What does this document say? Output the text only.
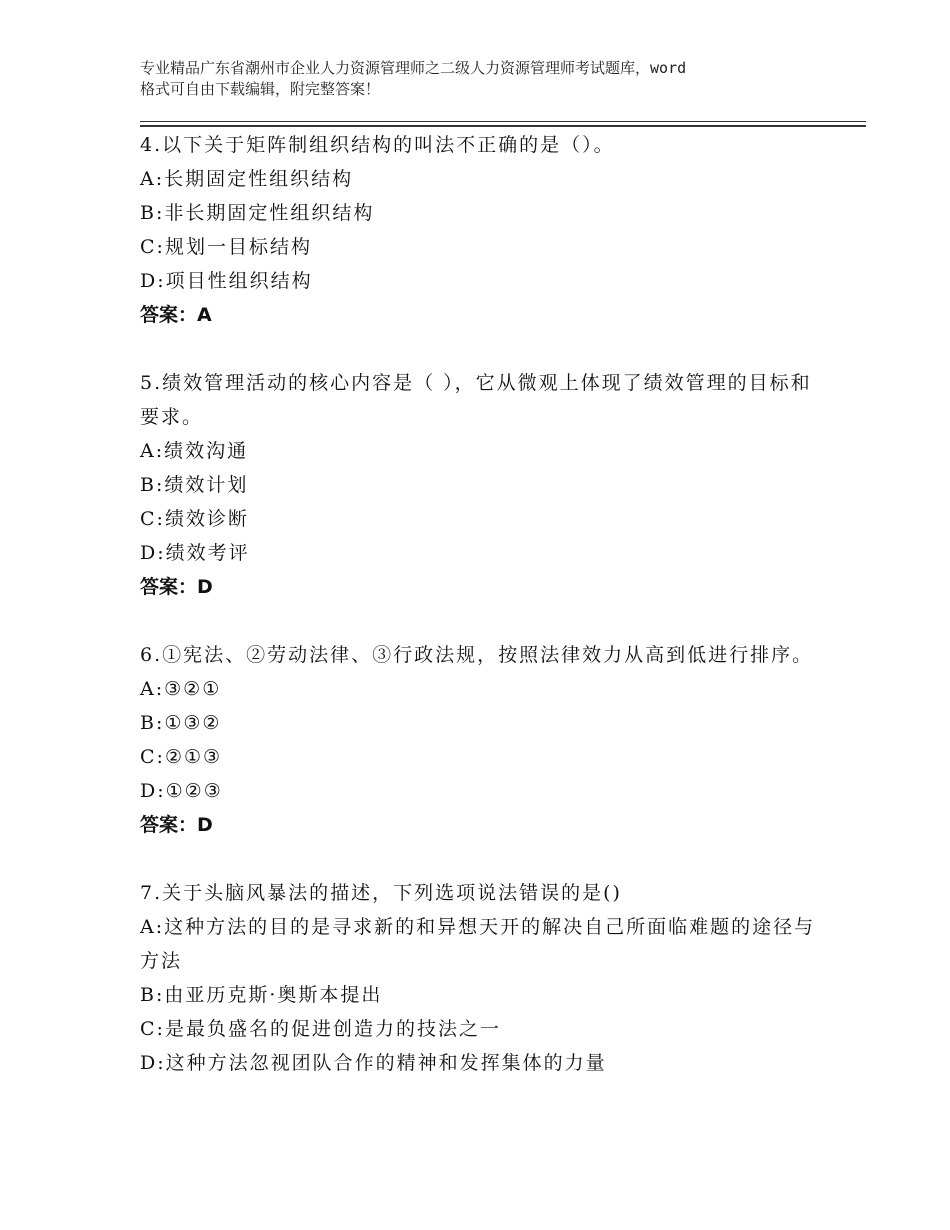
专业精品广东省潮州市企业人力资源管理师之二级人力资源管理师考试题库，word
格式可自由下载编辑，附完整答案！

4.以下关于矩阵制组织结构的叫法不正确的是（）。

A:长期固定性组织结构

B:非长期固定性组织结构

C:规划一目标结构

D:项目性组织结构

答案：A

5.绩效管理活动的核心内容是（ ），它从微观上体现了绩效管理的目标和要求。

A:绩效沟通

B:绩效计划

C:绩效诊断

D:绩效考评

答案：D

6.①宪法、②劳动法律、③行政法规，按照法律效力从高到低进行排序。

A:③②①

B:①③②

C:②①③

D:①②③

答案：D

7.关于头脑风暴法的描述，下列选项说法错误的是()

A:这种方法的目的是寻求新的和异想天开的解决自己所面临难题的途径与方法

B:由亚历克斯·奥斯本提出

C:是最负盛名的促进创造力的技法之一

D:这种方法忽视团队合作的精神和发挥集体的力量
